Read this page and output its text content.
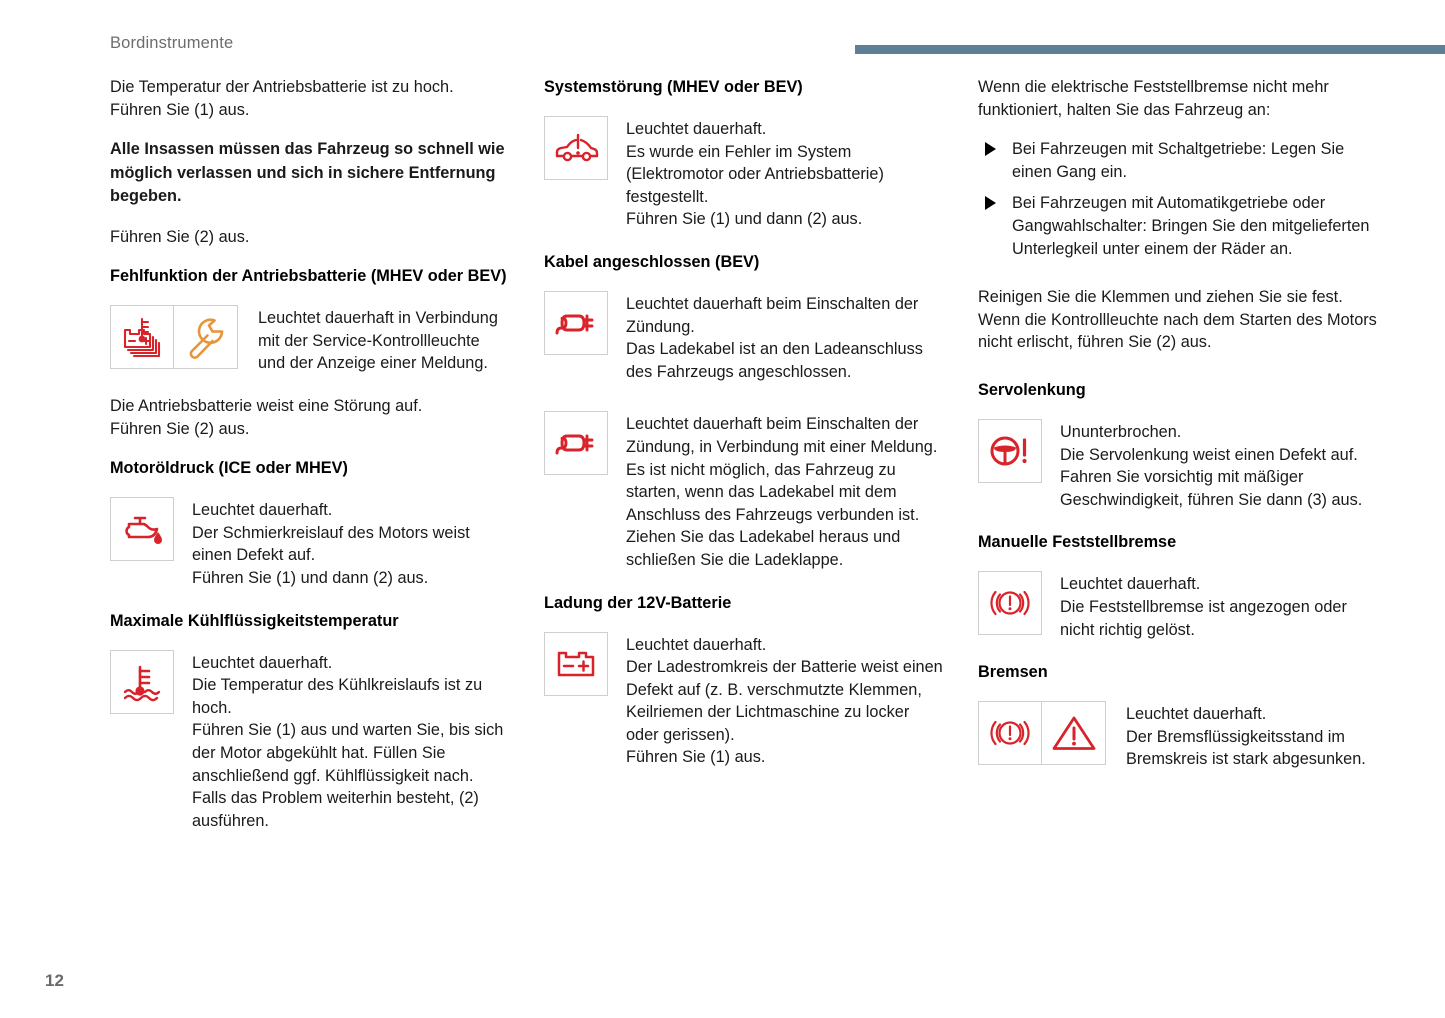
Bordinstrumente

Die Temperatur der Antriebsbatterie ist zu hoch.
Führen Sie (1) aus.

Alle Insassen müssen das Fahrzeug so schnell wie möglich verlassen und sich in sichere Entfernung begeben.

Führen Sie (2) aus.

Fehlfunktion der Antriebsbatterie (MHEV oder BEV)
Leuchtet dauerhaft in Verbindung mit der Service-Kontrollleuchte und der Anzeige einer Meldung.

Die Antriebsbatterie weist eine Störung auf.
Führen Sie (2) aus.

Motoröldruck (ICE oder MHEV)
Leuchtet dauerhaft.
Der Schmierkreislauf des Motors weist einen Defekt auf.
Führen Sie (1) und dann (2) aus.
Maximale Kühlflüssigkeitstemperatur
Leuchtet dauerhaft.
Die Temperatur des Kühlkreislaufs ist zu hoch.
Führen Sie (1) aus und warten Sie, bis sich der Motor abgekühlt hat. Füllen Sie anschließend ggf. Kühlflüssigkeit nach. Falls das Problem weiterhin besteht, (2) ausführen.
Systemstörung (MHEV oder BEV)
Leuchtet dauerhaft.
Es wurde ein Fehler im System (Elektromotor oder Antriebsbatterie) festgestellt.
Führen Sie (1) und dann (2) aus.
Kabel angeschlossen (BEV)
Leuchtet dauerhaft beim Einschalten der Zündung.
Das Ladekabel ist an den Ladeanschluss des Fahrzeugs angeschlossen.
Leuchtet dauerhaft beim Einschalten der Zündung, in Verbindung mit einer Meldung.
Es ist nicht möglich, das Fahrzeug zu starten, wenn das Ladekabel mit dem Anschluss des Fahrzeugs verbunden ist.
Ziehen Sie das Ladekabel heraus und schließen Sie die Ladeklappe.
Ladung der 12V-Batterie
Leuchtet dauerhaft.
Der Ladestromkreis der Batterie weist einen Defekt auf (z. B. verschmutzte Klemmen, Keilriemen der Lichtmaschine zu locker oder gerissen).
Führen Sie (1) aus.

Wenn die elektrische Feststellbremse nicht mehr funktioniert, halten Sie das Fahrzeug an:

Bei Fahrzeugen mit Schaltgetriebe: Legen Sie einen Gang ein.
Bei Fahrzeugen mit Automatikgetriebe oder Gangwahlschalter: Bringen Sie den mitgelieferten Unterlegkeil unter einem der Räder an.

Reinigen Sie die Klemmen und ziehen Sie sie fest. Wenn die Kontrollleuchte nach dem Starten des Motors nicht erlischt, führen Sie (2) aus.

Servolenkung
Ununterbrochen.
Die Servolenkung weist einen Defekt auf.
Fahren Sie vorsichtig mit mäßiger Geschwindigkeit, führen Sie dann (3) aus.
Manuelle Feststellbremse
Leuchtet dauerhaft.
Die Feststellbremse ist angezogen oder nicht richtig gelöst.
Bremsen
Leuchtet dauerhaft.
Der Bremsflüssigkeitsstand im Bremskreis ist stark abgesunken.
12
